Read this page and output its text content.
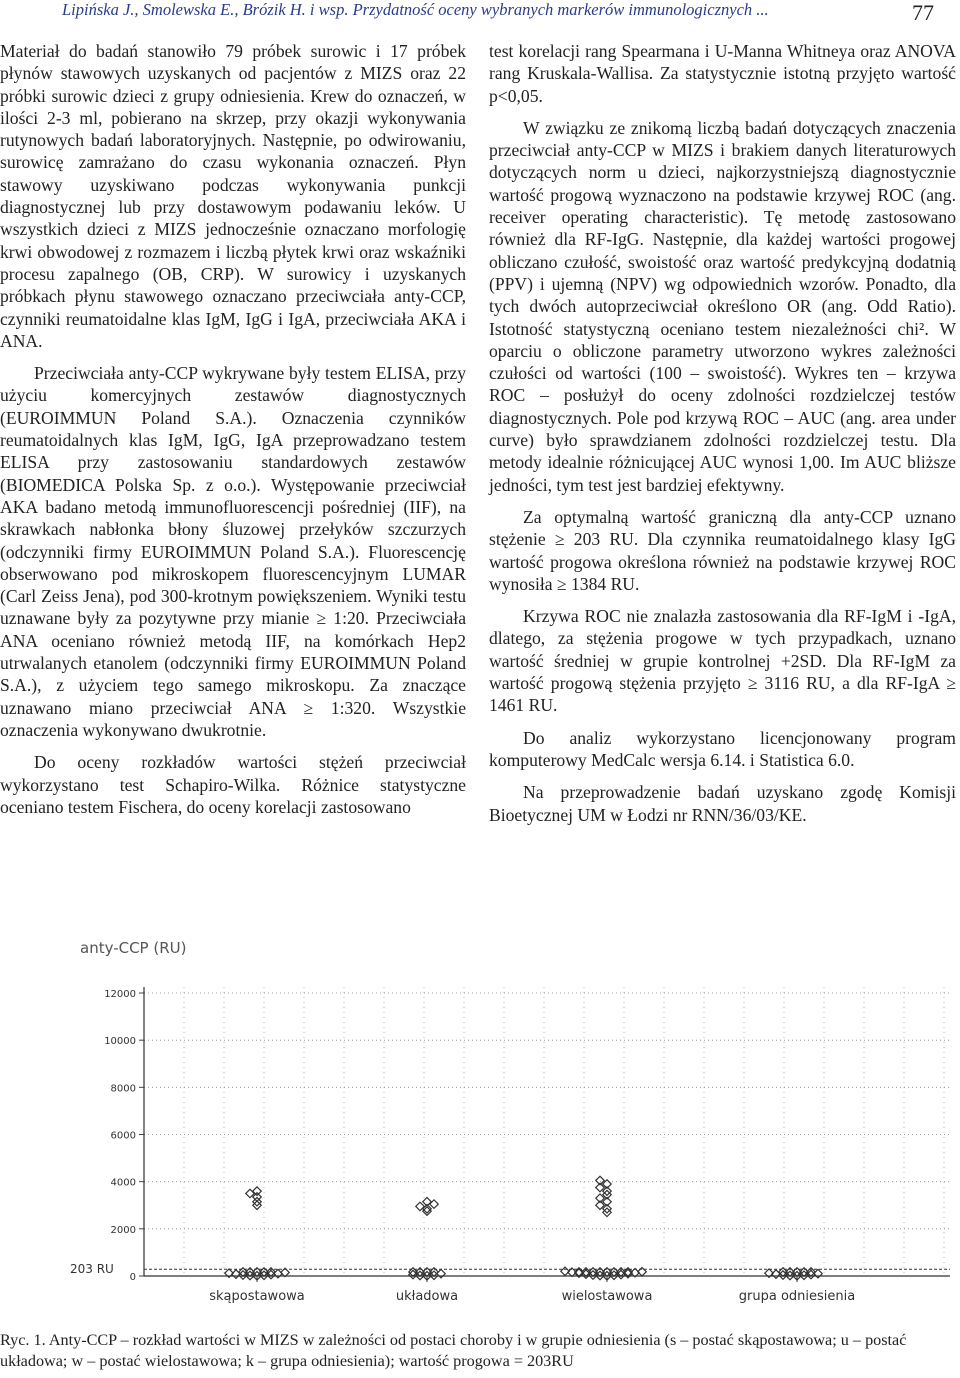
Lipińska J., Smolewska E., Brózik H. i wsp. Przydatność oceny wybranych markerów immunologicznych ...	77

Materiał do badań stanowiło 79 próbek surowic i 17 próbek płynów stawowych uzyskanych od pacjentów z MIZS oraz 22 próbki surowic dzieci z grupy odniesienia. Krew do oznaczeń, w ilości 2-3 ml, pobierano na skrzep, przy okazji wykonywania rutynowych badań laboratoryjnych. Następnie, po odwirowaniu, surowicę zamrażano do czasu wykonania oznaczeń. Płyn stawowy uzyskiwano podczas wykonywania punkcji diagnostycznej lub przy dostawowym podawaniu leków. U wszystkich dzieci z MIZS jednocześnie oznaczano morfologię krwi obwodowej z rozmazem i liczbą płytek krwi oraz wskaźniki procesu zapalnego (OB, CRP). W surowicy i uzyskanych próbkach płynu stawowego oznaczano przeciwciała anty-CCP, czynniki reumatoidalne klas IgM, IgG i IgA, przeciwciała AKA i ANA.

Przeciwciała anty-CCP wykrywane były testem ELISA, przy użyciu komercyjnych zestawów diagnostycznych (EUROIMMUN Poland S.A.). Oznaczenia czynników reumatoidalnych klas IgM, IgG, IgA przeprowadzano testem ELISA przy zastosowaniu standardowych zestawów (BIOMEDICA Polska Sp. z o.o.). Występowanie przeciwciał AKA badano metodą immunofluorescencji pośredniej (IIF), na skrawkach nabłonka błony śluzowej przełyków szczurzych (odczynniki firmy EUROIMMUN Poland S.A.). Fluorescencję obserwowano pod mikroskopem fluorescencyjnym LUMAR (Carl Zeiss Jena), pod 300-krotnym powiększeniem. Wyniki testu uznawane były za pozytywne przy mianie ≥ 1:20. Przeciwciała ANA oceniano również metodą IIF, na komórkach Hep2 utrwalanych etanolem (odczynniki firmy EUROIMMUN Poland S.A.), z użyciem tego samego mikroskopu. Za znaczące uznawano miano przeciwciał ANA ≥ 1:320. Wszystkie oznaczenia wykonywano dwukrotnie.

Do oceny rozkładów wartości stężeń przeciwciał wykorzystano test Schapiro-Wilka. Różnice statystyczne oceniano testem Fischera, do oceny korelacji zastosowano

test korelacji rang Spearmana i U-Manna Whitneya oraz ANOVA rang Kruskala-Wallisa. Za statystycznie istotną przyjęto wartość p<0,05.

W związku ze znikomą liczbą badań dotyczących znaczenia przeciwciał anty-CCP w MIZS i brakiem danych literaturowych dotyczących norm u dzieci, najkorzystniejszą diagnostycznie wartość progową wyznaczono na podstawie krzywej ROC (ang. receiver operating characteristic). Tę metodę zastosowano również dla RF-IgG. Następnie, dla każdej wartości progowej obliczano czułość, swoistość oraz wartość predykcyjną dodatnią (PPV) i ujemną (NPV) wg odpowiednich wzorów. Ponadto, dla tych dwóch autoprzeciwciał określono OR (ang. Odd Ratio). Istotność statystyczną oceniano testem niezależności chi². W oparciu o obliczone parametry utworzono wykres zależności czułości od wartości (100 – swoistość). Wykres ten – krzywa ROC – posłużył do oceny zdolności rozdzielczej testów diagnostycznych. Pole pod krzywą ROC – AUC (ang. area under curve) było sprawdzianem zdolności rozdzielczej testu. Dla metody idealnie różnicującej AUC wynosi 1,00. Im AUC bliższe jedności, tym test jest bardziej efektywny.

Za optymalną wartość graniczną dla anty-CCP uznano stężenie ≥ 203 RU. Dla czynnika reumatoidalnego klasy IgG wartość progowa określona również na podstawie krzywej ROC wynosiła ≥ 1384 RU.

Krzywa ROC nie znalazła zastosowania dla RF-IgM i -IgA, dlatego, za stężenia progowe w tych przypadkach, uznano wartość średniej w grupie kontrolnej +2SD. Dla RF-IgM za wartość progową stężenia przyjęto ≥ 3116 RU, a dla RF-IgA ≥ 1461 RU.

Do analiz wykorzystano licencjonowany program komputerowy MedCalc wersja 6.14. i Statistica 6.0.

Na przeprowadzenie badań uzyskano zgodę Komisji Bioetycznej UM w Łodzi nr RNN/36/03/KE.

anty-CCP (RU)
0
2000
4000
6000
8000
10000
12000
203 RU
skąpostawowa	układowa	wielostawowa	grupa odniesienia
Ryc. 1. Anty-CCP – rozkład wartości w MIZS w zależności od postaci choroby i w grupie odniesienia (s – postać skąpostawowa; u – postać układowa; w – postać wielostawowa; k – grupa odniesienia); wartość progowa = 203RU
